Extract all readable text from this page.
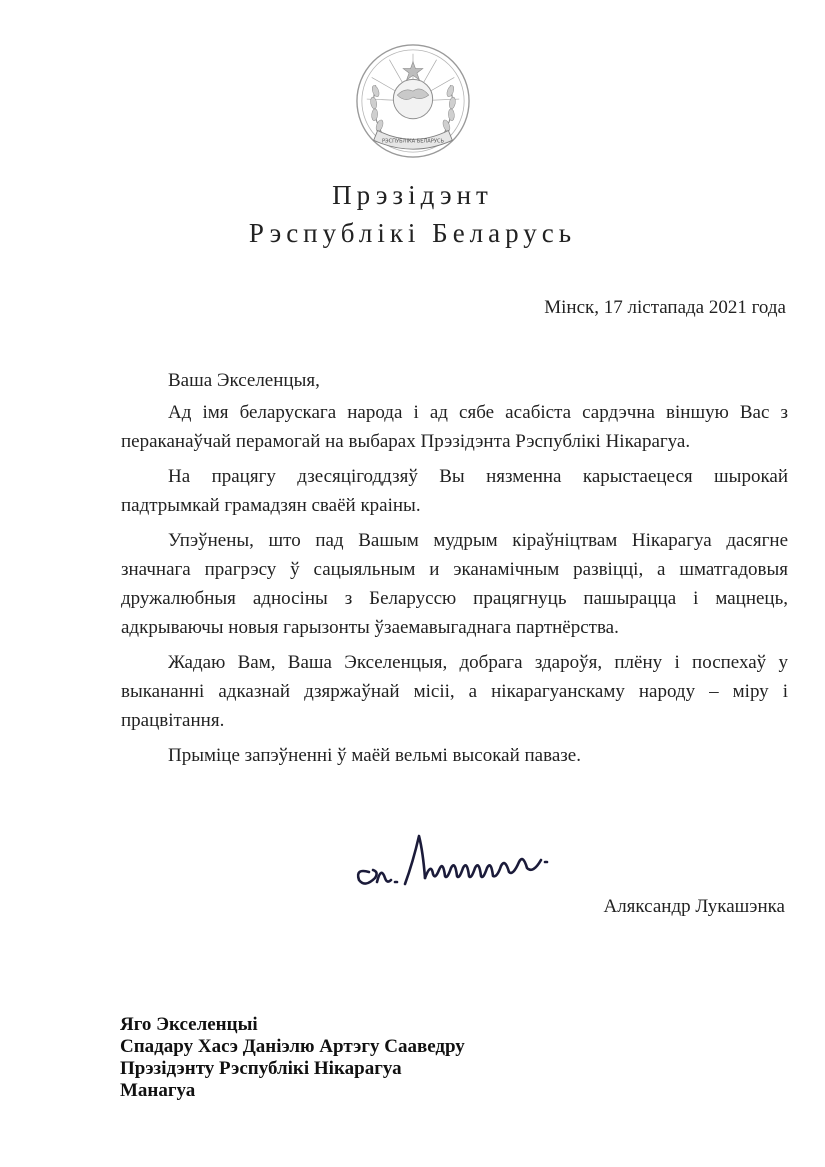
РЭСПУБЛІКА БЕЛАРУСЬ
Прэзідэнт
Рэспублікі Беларусь
Мінск, 17 лістапада 2021 года
Ваша Экселенцыя,

Ад імя беларускага народа і ад сябе асабіста сардэчна віншую Вас з пераканаўчай перамогай на выбарах Прэзідэнта Рэспублікі Нікарагуа.

На працягу дзесяцігоддзяў Вы нязменна карыстаецеся шырокай падтрымкай грамадзян сваёй краіны.

Упэўнены, што пад Вашым мудрым кіраўніцтвам Нікарагуа дасягне значнага прагрэсу ў сацыяльным и эканамічным развіцці, а шматгадовыя дружалюбныя адносіны з Беларуссю працягнуць пашырацца і мацнець, адкрываючы новыя гарызонты ўзаемавыгаднага партнёрства.

Жадаю Вам, Ваша Экселенцыя, добрага здароўя, плёну і поспехаў у выкананні адказнай дзяржаўнай місіі, а нікарагуанскаму народу – міру і працвітання.

Прыміце запэўненні ў маёй вельмі высокай павазе.

Аляксандр Лукашэнка
Яго Экселенцыі
Спадару Хасэ Даніэлю Артэгу Сааведру
Прэзідэнту Рэспублікі Нікарагуа
Манагуа
